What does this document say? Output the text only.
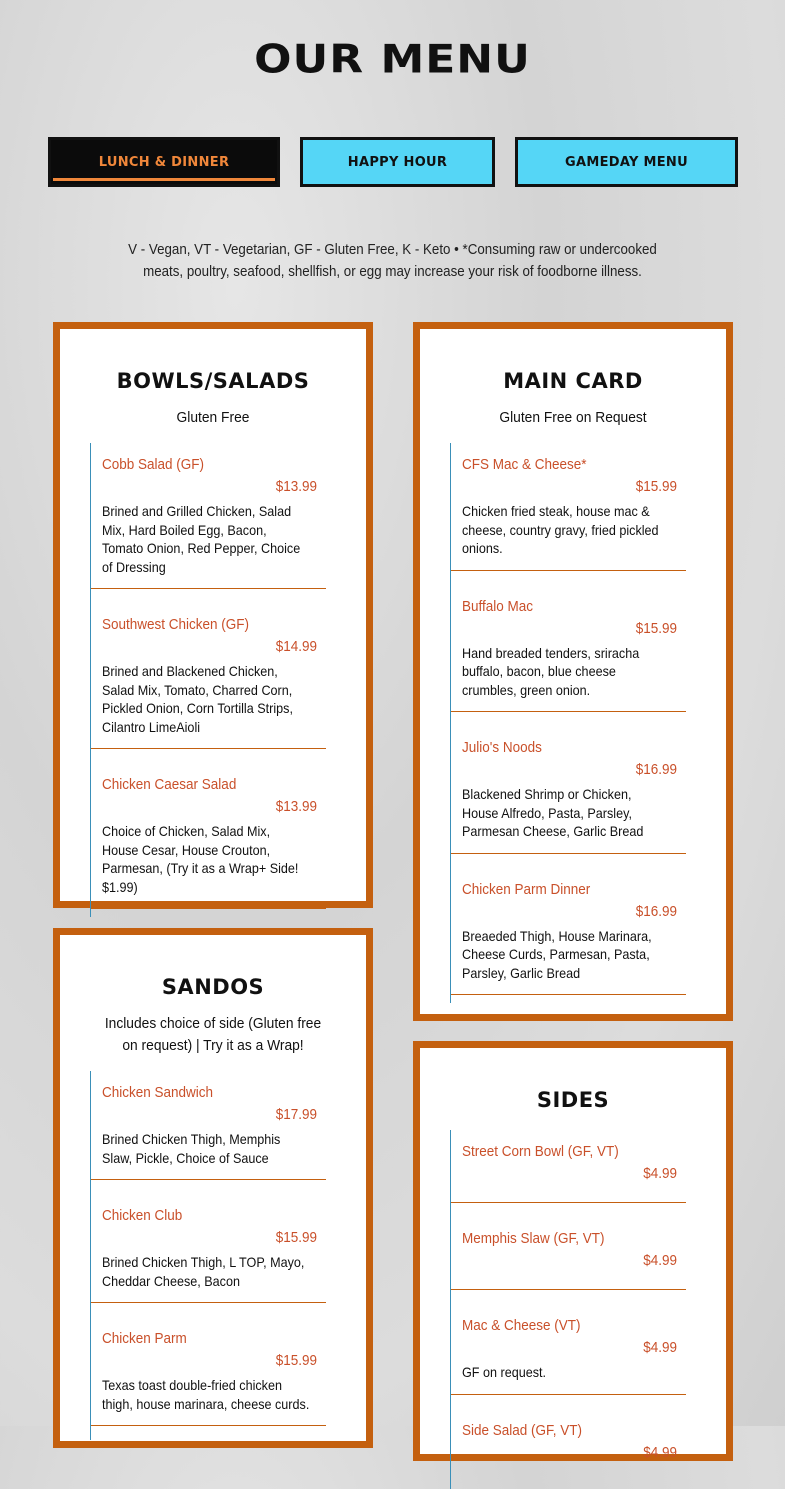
OUR MENU
LUNCH & DINNER	HAPPY HOUR	GAMEDAY MENU
V - Vegan, VT - Vegetarian, GF - Gluten Free, K - Keto • *Consuming raw or undercooked meats, poultry, seafood, shellfish, or egg may increase your risk of foodborne illness.
BOWLS/SALADS
Gluten Free
Cobb Salad (GF)
$13.99
Brined and Grilled Chicken, Salad Mix, Hard Boiled Egg, Bacon, Tomato Onion, Red Pepper, Choice of Dressing
Southwest Chicken (GF)
$14.99
Brined and Blackened Chicken, Salad Mix, Tomato, Charred Corn, Pickled Onion, Corn Tortilla Strips, Cilantro LimeAioli
Chicken Caesar Salad
$13.99
Choice of Chicken, Salad Mix, House Cesar, House Crouton, Parmesan, (Try it as a Wrap+ Side! $1.99)
MAIN CARD
Gluten Free on Request
CFS Mac & Cheese*
$15.99
Chicken fried steak, house mac & cheese, country gravy, fried pickled onions.
Buffalo Mac
$15.99
Hand breaded tenders, sriracha buffalo, bacon, blue cheese crumbles, green onion.
Julio's Noods
$16.99
Blackened Shrimp or Chicken, House Alfredo, Pasta, Parsley, Parmesan Cheese, Garlic Bread
Chicken Parm Dinner
$16.99
Breaeded Thigh, House Marinara, Cheese Curds, Parmesan, Pasta, Parsley, Garlic Bread
SANDOS
Includes choice of side (Gluten free on request) | Try it as a Wrap!
Chicken Sandwich
$17.99
Brined Chicken Thigh, Memphis Slaw, Pickle, Choice of Sauce
Chicken Club
$15.99
Brined Chicken Thigh, L TOP, Mayo, Cheddar Cheese, Bacon
Chicken Parm
$15.99
Texas toast double-fried chicken thigh, house marinara, cheese curds.
SIDES
Street Corn Bowl (GF, VT)
$4.99
Memphis Slaw (GF, VT)
$4.99
Mac & Cheese (VT)
$4.99
GF on request.
Side Salad (GF, VT)
$4.99
